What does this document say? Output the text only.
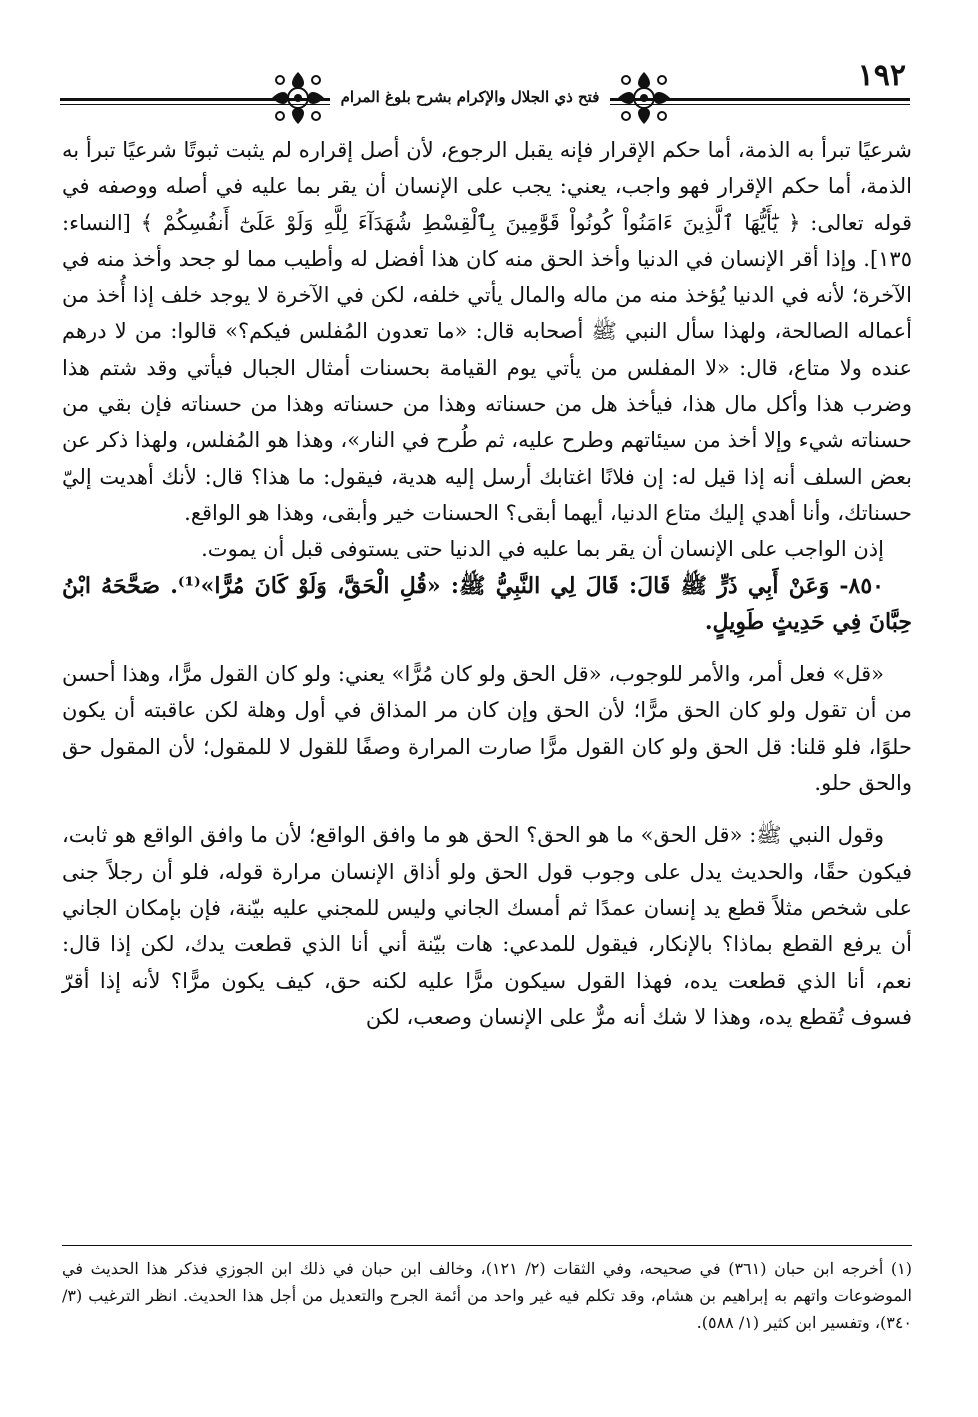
١٩٢
فتح ذي الجلال والإكرام بشرح بلوغ المرام

شرعيًا تبرأ به الذمة، أما حكم الإقرار فإنه يقبل الرجوع، لأن أصل إقراره لم يثبت ثبوتًا شرعيًا تبرأ به الذمة، أما حكم الإقرار فهو واجب، يعني: يجب على الإنسان أن يقر بما عليه في أصله ووصفه في قوله تعالى: ﴿ يَٰٓأَيُّهَا ٱلَّذِينَ ءَامَنُواْ كُونُواْ قَوَّٰمِينَ بِٱلْقِسْطِ شُهَدَآءَ لِلَّهِ وَلَوْ عَلَىٰٓ أَنفُسِكُمْ ﴾ [النساء: ١٣٥]. وإذا أقر الإنسان في الدنيا وأخذ الحق منه كان هذا أفضل له وأطيب مما لو جحد وأخذ منه في الآخرة؛ لأنه في الدنيا يُؤخذ منه من ماله والمال يأتي خلفه، لكن في الآخرة لا يوجد خلف إذا أُخذ من أعماله الصالحة، ولهذا سأل النبي ﷺ أصحابه قال: «ما تعدون المُفلس فيكم؟» قالوا: من لا درهم عنده ولا متاع، قال: «لا المفلس من يأتي يوم القيامة بحسنات أمثال الجبال فيأتي وقد شتم هذا وضرب هذا وأكل مال هذا، فيأخذ هل من حسناته وهذا من حسناته وهذا من حسناته فإن بقي من حسناته شيء وإلا أخذ من سيئاتهم وطرح عليه، ثم طُرح في النار»، وهذا هو المُفلس، ولهذا ذكر عن بعض السلف أنه إذا قيل له: إن فلانًا اغتابك أرسل إليه هدية، فيقول: ما هذا؟ قال: لأنك أهديت إليّ حسناتك، وأنا أهدي إليك متاع الدنيا، أيهما أبقى؟ الحسنات خير وأبقى، وهذا هو الواقع.

إذن الواجب على الإنسان أن يقر بما عليه في الدنيا حتى يستوفى قبل أن يموت.

٨٥٠- وَعَنْ أَبِي ذَرٍّ ﷺ قَالَ: قَالَ لِي النَّبِيُّ ﷺ: «قُلِ الْحَقَّ، وَلَوْ كَانَ مُرًّا»⁽¹⁾. صَحَّحَهُ ابْنُ حِبَّانَ فِي حَدِيثٍ طَوِيلٍ.

«قل» فعل أمر، والأمر للوجوب، «قل الحق ولو كان مُرًّا» يعني: ولو كان القول مرًّا، وهذا أحسن من أن تقول ولو كان الحق مرًّا؛ لأن الحق وإن كان مر المذاق في أول وهلة لكن عاقبته أن يكون حلوًا، فلو قلنا: قل الحق ولو كان القول مرًّا صارت المرارة وصفًا للقول لا للمقول؛ لأن المقول حق والحق حلو.

وقول النبي ﷺ: «قل الحق» ما هو الحق؟ الحق هو ما وافق الواقع؛ لأن ما وافق الواقع هو ثابت، فيكون حقًا، والحديث يدل على وجوب قول الحق ولو أذاق الإنسان مرارة قوله، فلو أن رجلاً جنى على شخص مثلاً قطع يد إنسان عمدًا ثم أمسك الجاني وليس للمجني عليه بيّنة، فإن بإمكان الجاني أن يرفع القطع بماذا؟ بالإنكار، فيقول للمدعي: هات بيّنة أني أنا الذي قطعت يدك، لكن إذا قال: نعم، أنا الذي قطعت يده، فهذا القول سيكون مرًّا عليه لكنه حق، كيف يكون مرًّا؟ لأنه إذا أقرّ فسوف تُقطع يده، وهذا لا شك أنه مرٌّ على الإنسان وصعب، لكن

(١) أخرجه ابن حبان (٣٦١) في صحيحه، وفي الثقات (٢/ ١٢١)، وخالف ابن حبان في ذلك ابن الجوزي فذكر هذا الحديث في الموضوعات واتهم به إبراهيم بن هشام، وقد تكلم فيه غير واحد من أئمة الجرح والتعديل من أجل هذا الحديث. انظر الترغيب (٣/ ٣٤٠)، وتفسير ابن كثير (١/ ٥٨٨).
